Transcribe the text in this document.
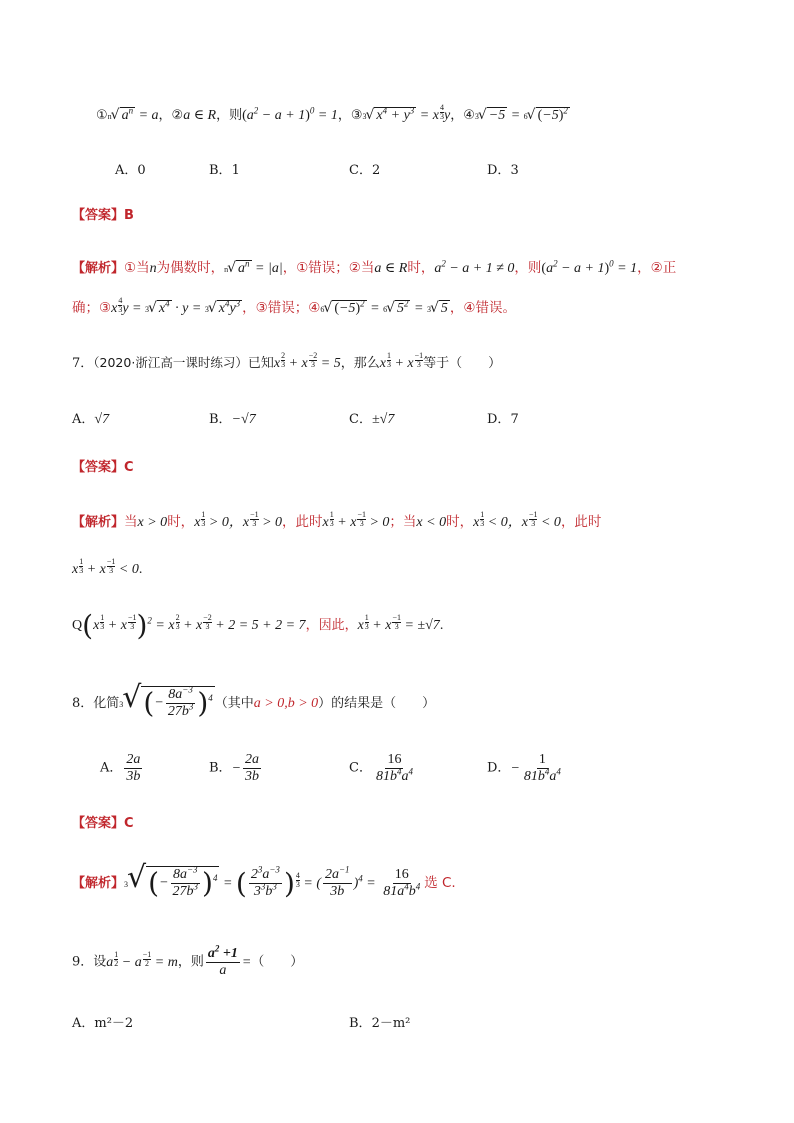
① n √ $a^n = a$，②a ∈ R，则$(a^2 - a + 1)^0 = 1$，③ 3 √ $x^4 + y^3 = x \frac{4}{3}$ y，④ 3 √ −5 = 6 √ $(-5)^2$
A．0	B．1	C．2	D．3
【答案】B
【解析】①当n为偶数时， n √ $a^n = |a|$，①错误；②当a ∈ R时，$a^2 - a + 1 \ne 0$，则$(a^2 - a + 1)^0 = 1$，②正
确；③x $\frac{4}{3}$ y = 3 √ $x^4 \cdot y = 3$ √ $x^4y^3$ ，③错误；④ 6 √ $(-5)^2 = 6$ √ $5^2 = 3$ √ 5 ，④错误。
7．（2020·浙江高一课时练习）已知x $\frac{2}{3} + x \frac{-2}{3} = 5$，那么x $\frac{1}{3} + x \frac{-1}{3}$ 等于（　　）
A．√7	B．−√7	C．±√7	D．7
【答案】C
【解析】当x > 0时，x $\frac{1}{3} > 0$，x $\frac{-1}{3} > 0$，此时x $\frac{1}{3} + x \frac{-1}{3} > 0$；当x < 0时，x $\frac{1}{3} < 0$，x $\frac{-1}{3} < 0$，此时
x $\frac{1}{3} + x \frac{-1}{3} < 0$.
$Q(x \frac{1}{3} + x \frac{-1}{3} )^2 = x \frac{2}{3} + x \frac{-2}{3} + 2 = 5 + 2 = 7$，因此，x $\frac{1}{3} + x \frac{-1}{3} = \pm√7$.
8．化简 3 √ (− $\frac{8a^{-3}}{27b^3} )^4$ （其中a > 0,b > 0）的结果是（　　）
A． $\frac{2a}{3b}$	B．− $\frac{2a}{3b}$	C． $\frac{16}{81b^4a^4}$	D．− $\frac{1}{81b^4a^4}$
【答案】C
【解析】 3 √ (− $\frac{8a^{-3}}{27b^3} )^4$ = ( $\frac{2^3a^{-3}}{3^3b^3}$ ) $\frac{4}{3}$ = ( $\frac{2a^{-1}}{3b} )^4 = \frac{16}{81a^4b^4}$ 选 C.
9．设a $\frac{1}{2} - a \frac{-1}{2} = m$，则 $\frac{a^2 +1}{a}$ =（　　）
A．m²－2	B．2－m²
